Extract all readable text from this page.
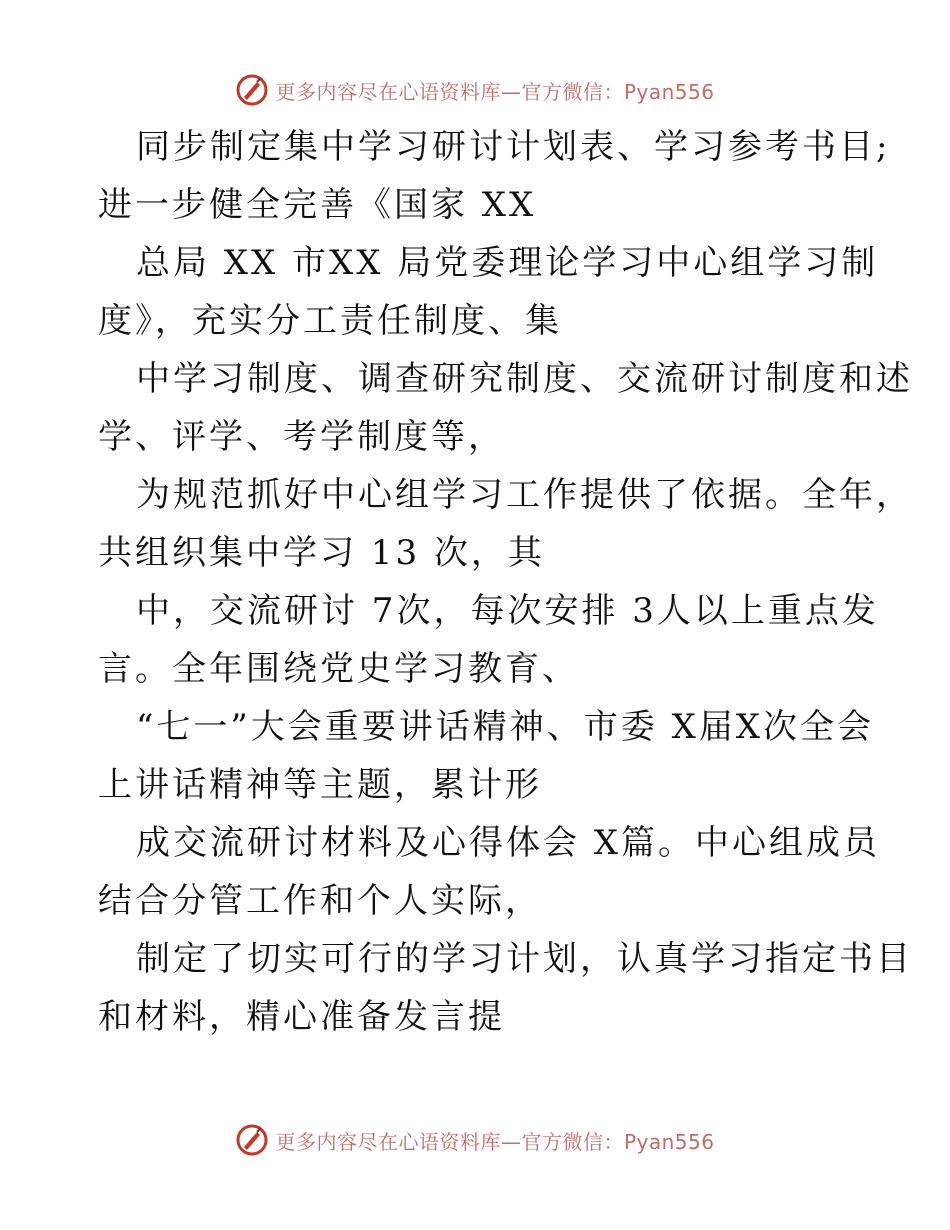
更多内容尽在心语资料库—官方微信：Pyan556
同步制定集中学习研讨计划表、学习参考书目;
进一步健全完善《国家 XX
总局 XX 市XX 局党委理论学习中心组学习制
度》，充实分工责任制度、集
中学习制度、调查研究制度、交流研讨制度和述
学、评学、考学制度等，
为规范抓好中心组学习工作提供了依据。全年，
共组织集中学习 13 次，其
中，交流研讨 7次，每次安排 3人以上重点发
言。全年围绕党史学习教育、
“七一”大会重要讲话精神、市委 X届X次全会
上讲话精神等主题，累计形
成交流研讨材料及心得体会 X篇。中心组成员
结合分管工作和个人实际，
制定了切实可行的学习计划，认真学习指定书目
和材料，精心准备发言提
更多内容尽在心语资料库—官方微信：Pyan556
